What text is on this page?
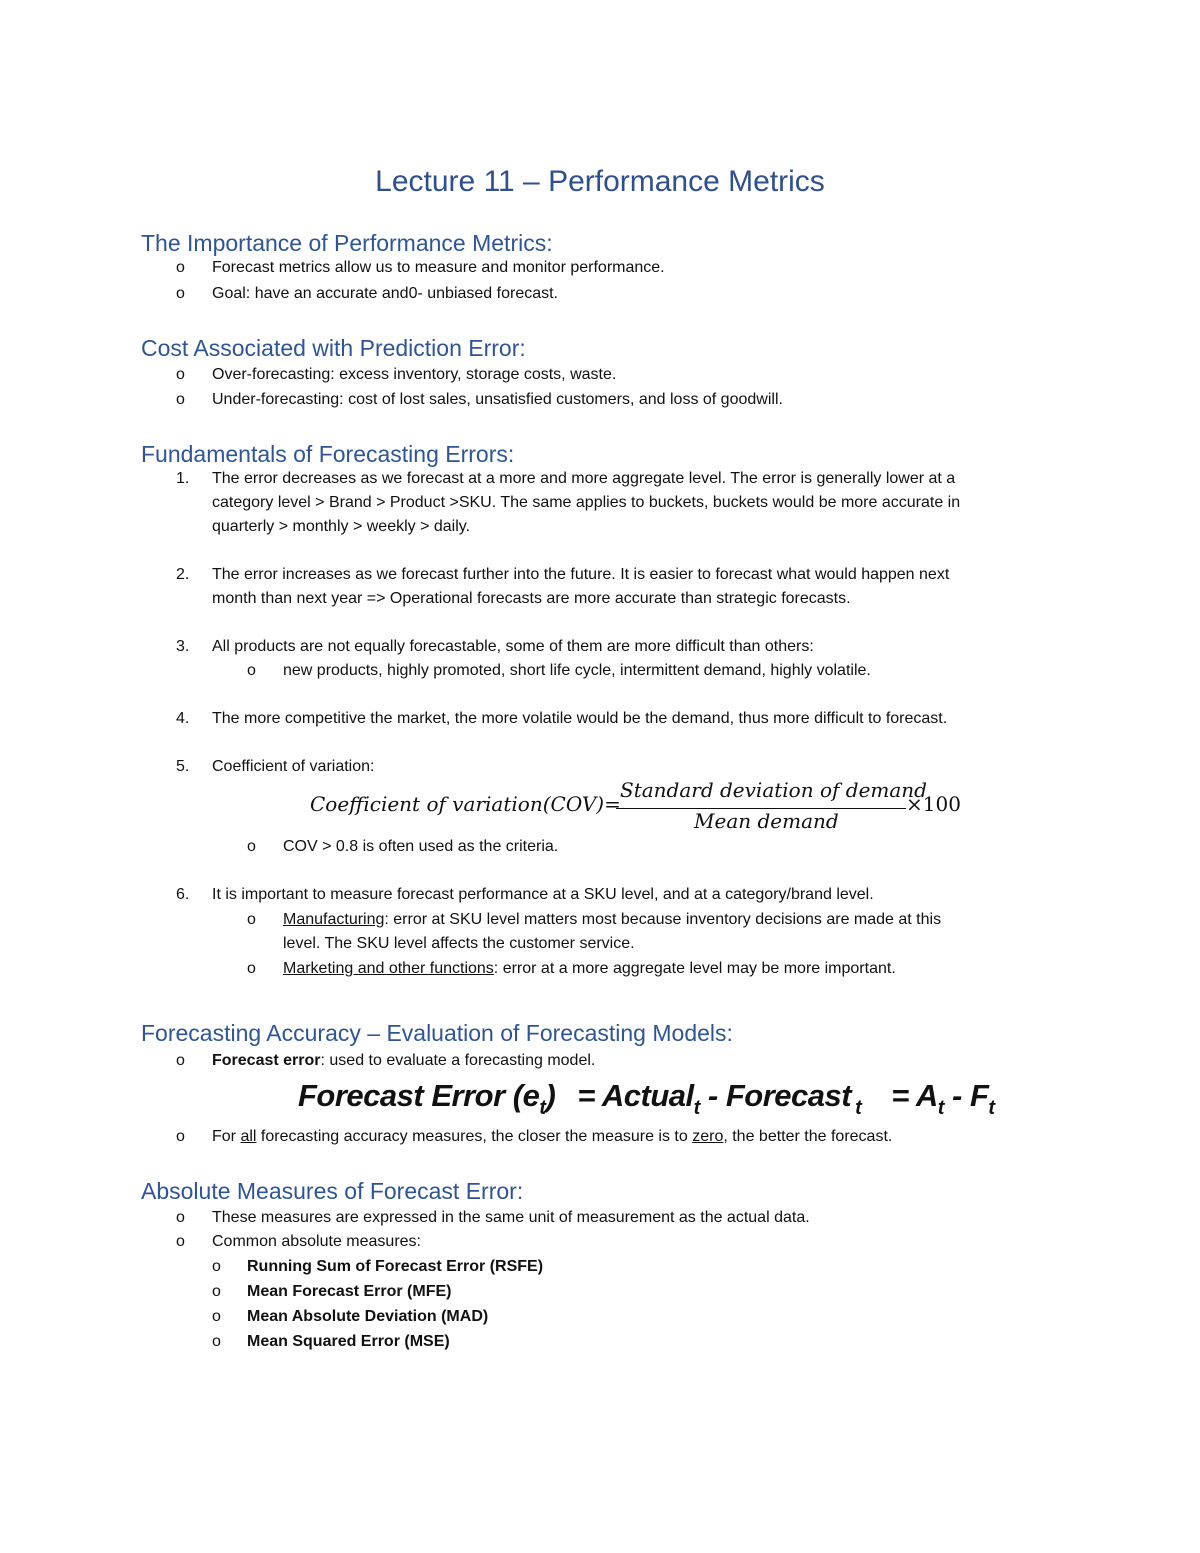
Lecture 11 – Performance Metrics
The Importance of Performance Metrics:
o Forecast metrics allow us to measure and monitor performance.
o Goal: have an accurate and0- unbiased forecast.
Cost Associated with Prediction Error:
o Over-forecasting: excess inventory, storage costs, waste.
o Under-forecasting: cost of lost sales, unsatisfied customers, and loss of goodwill.
Fundamentals of Forecasting Errors:
1. The error decreases as we forecast at a more and more aggregate level. The error is generally lower at a
category level > Brand > Product >SKU. The same applies to buckets, buckets would be more accurate in
quarterly > monthly > weekly > daily.
2. The error increases as we forecast further into the future. It is easier to forecast what would happen next
month than next year => Operational forecasts are more accurate than strategic forecasts.
3. All products are not equally forecastable, some of them are more difficult than others:
o new products, highly promoted, short life cycle, intermittent demand, highly volatile.
4. The more competitive the market, the more volatile would be the demand, thus more difficult to forecast.
5. Coefficient of variation:
Coefficient of variation(COV)=
Standard deviation of demand
Mean demand
×100
o COV > 0.8 is often used as the criteria.
6. It is important to measure forecast performance at a SKU level, and at a category/brand level.
o Manufacturing: error at SKU level matters most because inventory decisions are made at this
level. The SKU level affects the customer service.
o Marketing and other functions: error at a more aggregate level may be more important.
Forecasting Accuracy – Evaluation of Forecasting Models:
o Forecast error: used to evaluate a forecasting model.
Forecast Error $(e_t)$ = Actual$_t$ - Forecast $_t = A_t - F_t$
o For all forecasting accuracy measures, the closer the measure is to zero, the better the forecast.
Absolute Measures of Forecast Error:
o These measures are expressed in the same unit of measurement as the actual data.
o Common absolute measures:
o Running Sum of Forecast Error (RSFE)
o Mean Forecast Error (MFE)
o Mean Absolute Deviation (MAD)
o Mean Squared Error (MSE)
